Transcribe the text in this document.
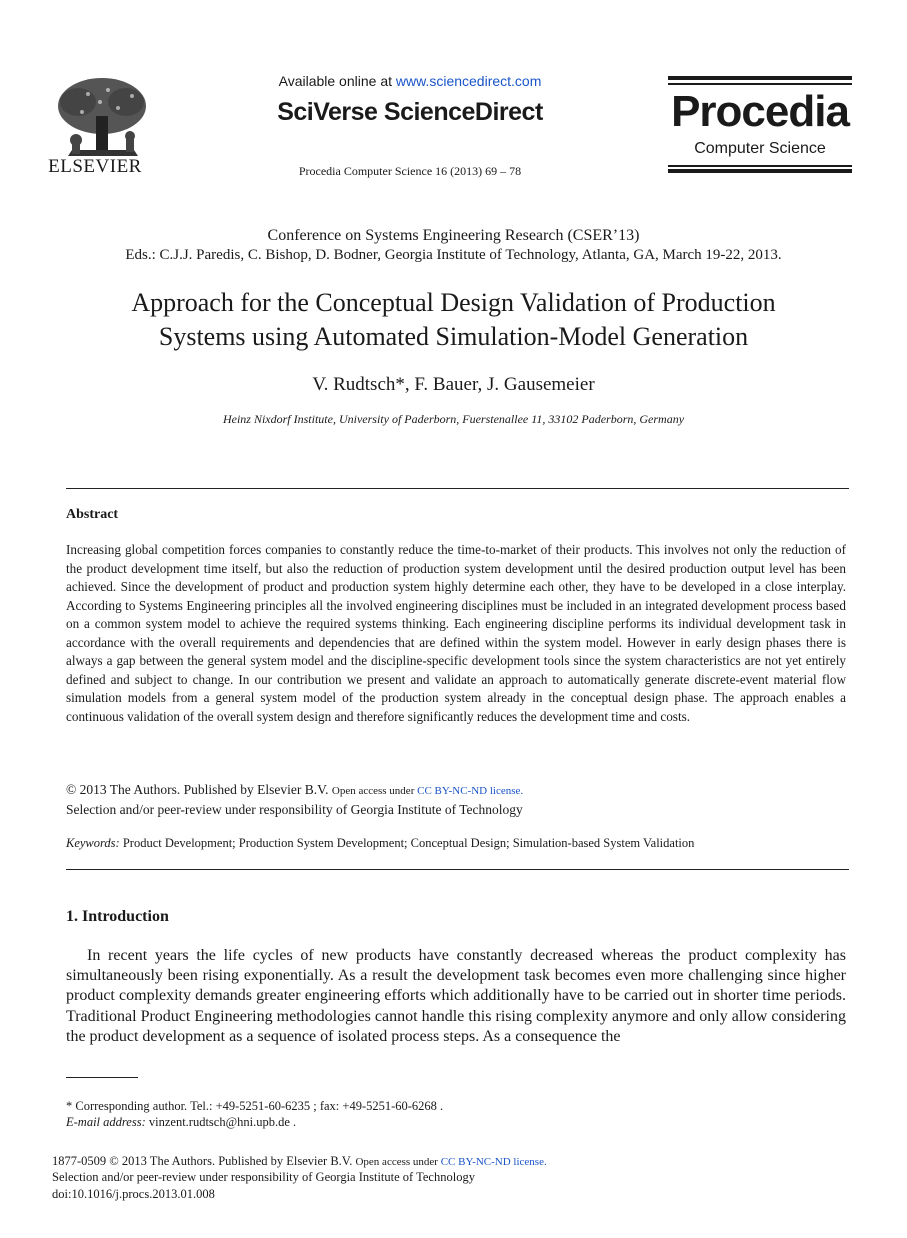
ELSEVIER
Available online at www.sciencedirect.com
SciVerse ScienceDirect
Procedia Computer Science 16 (2013) 69 – 78
Procedia
Computer Science
Conference on Systems Engineering Research (CSER’13)
Eds.: C.J.J. Paredis, C. Bishop, D. Bodner, Georgia Institute of Technology, Atlanta, GA, March 19-22, 2013.
Approach for the Conceptual Design Validation of Production
Systems using Automated Simulation-Model Generation
V. Rudtsch*, F. Bauer, J. Gausemeier
Heinz Nixdorf Institute, University of Paderborn, Fuerstenallee 11, 33102 Paderborn, Germany
Abstract
Increasing global competition forces companies to constantly reduce the time-to-market of their products. This involves not only the reduction of the product development time itself, but also the reduction of production system development until the desired production output level has been achieved. Since the development of product and production system highly determine each other, they have to be developed in a close interplay. According to Systems Engineering principles all the involved engineering disciplines must be included in an integrated development process based on a common system model to achieve the required systems thinking. Each engineering discipline performs its individual development task in accordance with the overall requirements and dependencies that are defined within the system model. However in early design phases there is always a gap between the general system model and the discipline-specific development tools since the system characteristics are not yet entirely defined and subject to change. In our contribution we present and validate an approach to automatically generate discrete-event material flow simulation models from a general system model of the production system already in the conceptual design phase. The approach enables a continuous validation of the overall system design and therefore significantly reduces the development time and costs.
© 2013 The Authors. Published by Elsevier B.V. Open access under CC BY-NC-ND license.
Selection and/or peer-review under responsibility of Georgia Institute of Technology
Keywords: Product Development; Production System Development; Conceptual Design; Simulation-based System Validation
1. Introduction
In recent years the life cycles of new products have constantly decreased whereas the product complexity has simultaneously been rising exponentially. As a result the development task becomes even more challenging since higher product complexity demands greater engineering efforts which additionally have to be carried out in shorter time periods. Traditional Product Engineering methodologies cannot handle this rising complexity anymore and only allow considering the product development as a sequence of isolated process steps. As a consequence the
* Corresponding author. Tel.: +49-5251-60-6235 ; fax: +49-5251-60-6268 .
E-mail address: vinzent.rudtsch@hni.upb.de .
1877-0509 © 2013 The Authors. Published by Elsevier B.V. Open access under CC BY-NC-ND license.
Selection and/or peer-review under responsibility of Georgia Institute of Technology
doi:10.1016/j.procs.2013.01.008
